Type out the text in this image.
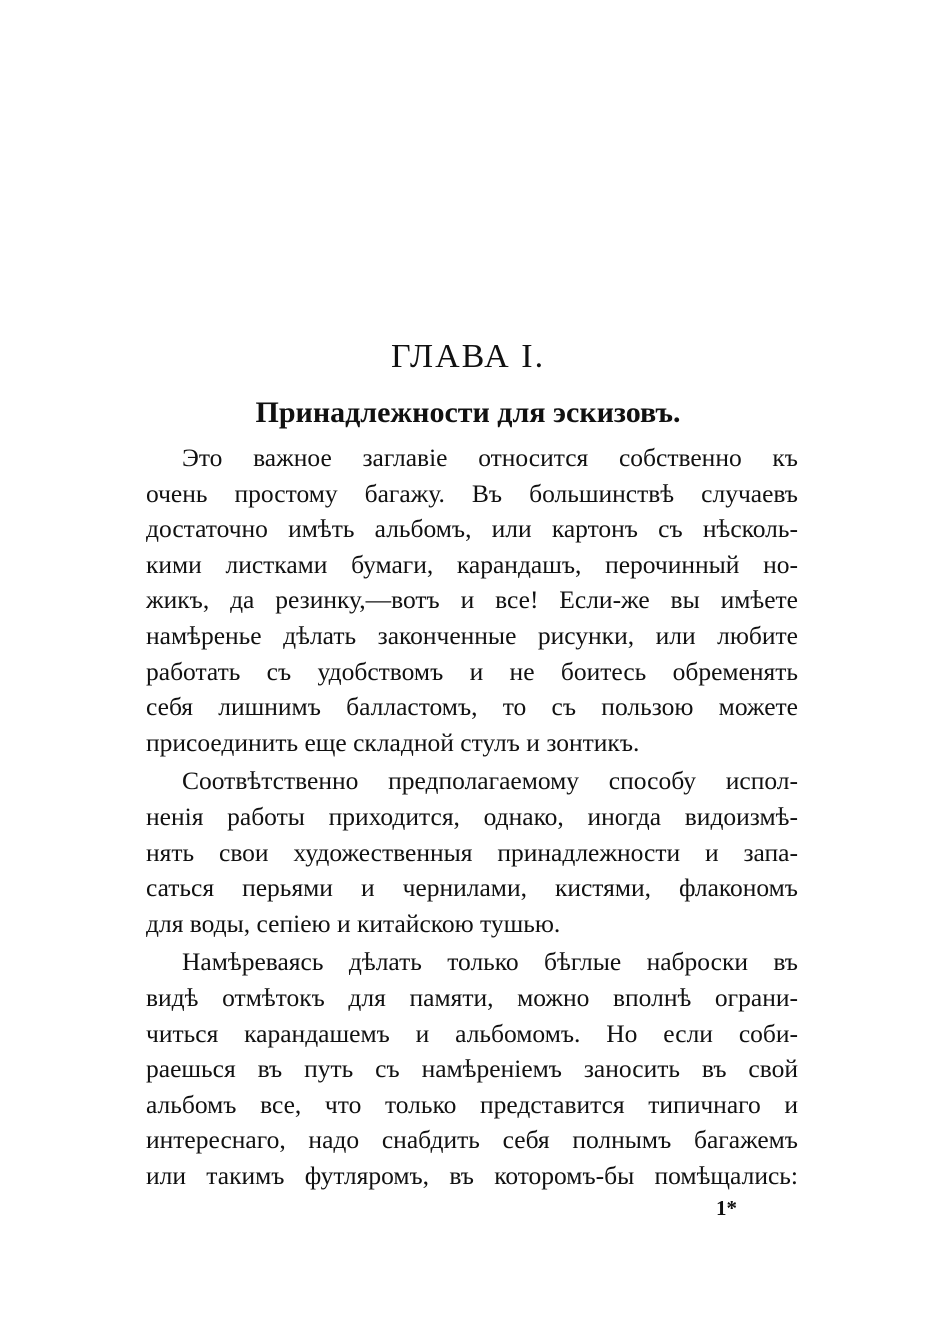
ГЛАВА I.
Принадлежности для эскизовъ.
Это важное заглавіе относится собственно къ
очень простому багажу. Въ большинствѣ случаевъ
достаточно имѣть альбомъ, или картонъ съ нѣсколь-
кими листками бумаги, карандашъ, перочинный но-
жикъ, да резинку,—вотъ и все! Если-же вы имѣете
намѣренье дѣлать законченные рисунки, или любите
работать съ удобствомъ и не боитесь обременять
себя лишнимъ балластомъ, то съ пользою можете
присоединить еще складной стулъ и зонтикъ.
Соотвѣтственно предполагаемому способу испол-
ненія работы приходится, однако, иногда видоизмѣ-
нять свои художественныя принадлежности и запа-
саться перьями и чернилами, кистями, флакономъ
для воды, сепіею и китайскою тушью.
Намѣреваясь дѣлать только бѣглые наброски въ
видѣ отмѣтокъ для памяти, можно вполнѣ ограни-
читься карандашемъ и альбомомъ. Но если соби-
раешься въ путь съ намѣреніемъ заносить въ свой
альбомъ все, что только представится типичнаго и
интереснаго, надо снабдить себя полнымъ багажемъ
или такимъ футляромъ, въ которомъ-бы помѣщались:
1*
